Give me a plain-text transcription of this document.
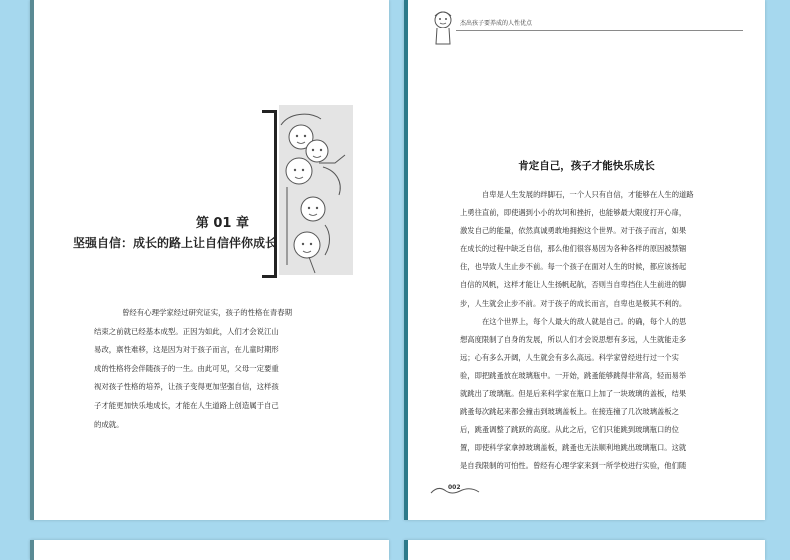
第 01 章
坚强自信：成长的路上让自信伴你成长
曾经有心理学家经过研究证实，孩子的性格在青春期
结束之前就已经基本成型。正因为如此，人们才会说江山
易改，禀性难移，这是因为对于孩子而言，在儿童时期形
成的性格将会伴随孩子的一生。由此可见，父母一定要重
视对孩子性格的培养，让孩子变得更加坚强自信，这样孩
子才能更加快乐地成长，才能在人生道路上创造属于自己
的成就。
杰出孩子要养成的人性优点
肯定自己，孩子才能快乐成长
自卑是人生发展的绊脚石，一个人只有自信，才能够在人生的道路
上勇往直前，即使遇到小小的坎坷和挫折，也能够最大限度打开心扉，
激发自己的能量，依然真诚勇敢地拥抱这个世界。对于孩子而言，如果
在成长的过程中缺乏自信，那么他们很容易因为各种各样的原因被禁锢
住，也导致人生止步不前。每一个孩子在面对人生的时候，都应该扬起
自信的风帆，这样才能让人生扬帆起航，否则当自卑挡住人生前进的脚
步，人生就会止步不前。对于孩子的成长而言，自卑也是极其不利的。
在这个世界上，每个人最大的敌人就是自己。的确，每个人的思
想高度限制了自身的发展，所以人们才会说思想有多远，人生就能走多
远；心有多么开阔，人生就会有多么高远。科学家曾经进行过一个实
验，即把跳蚤放在玻璃瓶中。一开始，跳蚤能够跳得非常高，轻而易举
就跳出了玻璃瓶。但是后来科学家在瓶口上加了一块玻璃的盖板，结果
跳蚤每次跳起来都会撞击到玻璃盖板上。在接连撞了几次玻璃盖板之
后，跳蚤调整了跳跃的高度。从此之后，它们只能跳到玻璃瓶口的位
置，即使科学家拿掉玻璃盖板，跳蚤也无法顺利地跳出玻璃瓶口。这就
是自我限制的可怕性。曾经有心理学家来到一所学校进行实验，他们随
002
